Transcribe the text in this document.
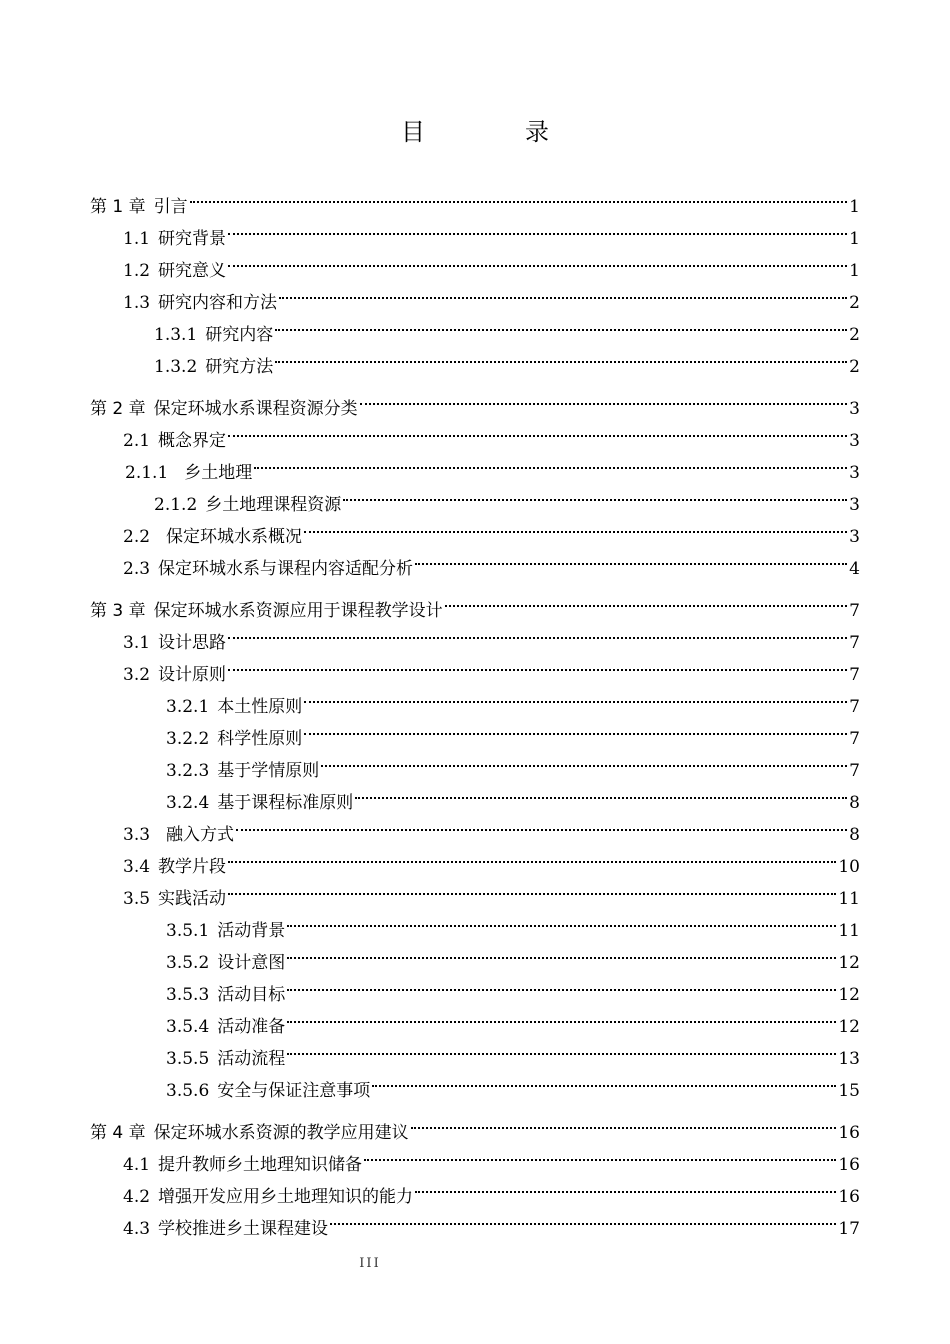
目　录
第 1 章 引言	1
1.1 研究背景	1
1.2 研究意义	1
1.3 研究内容和方法	2
1.3.1 研究内容	2
1.3.2 研究方法	2
第 2 章 保定环城水系课程资源分类	3
2.1 概念界定	3
2.1.1 乡土地理	3
2.1.2 乡土地理课程资源	3
2.2 保定环城水系概况	3
2.3 保定环城水系与课程内容适配分析	4
第 3 章 保定环城水系资源应用于课程教学设计	7
3.1 设计思路	7
3.2 设计原则	7
3.2.1 本土性原则	7
3.2.2 科学性原则	7
3.2.3 基于学情原则	7
3.2.4 基于课程标准原则	8
3.3 融入方式	8
3.4 教学片段	10
3.5 实践活动	11
3.5.1 活动背景	11
3.5.2 设计意图	12
3.5.3 活动目标	12
3.5.4 活动准备	12
3.5.5 活动流程	13
3.5.6 安全与保证注意事项	15
第 4 章 保定环城水系资源的教学应用建议	16
4.1 提升教师乡土地理知识储备	16
4.2 增强开发应用乡土地理知识的能力	16
4.3 学校推进乡土课程建设	17
III
